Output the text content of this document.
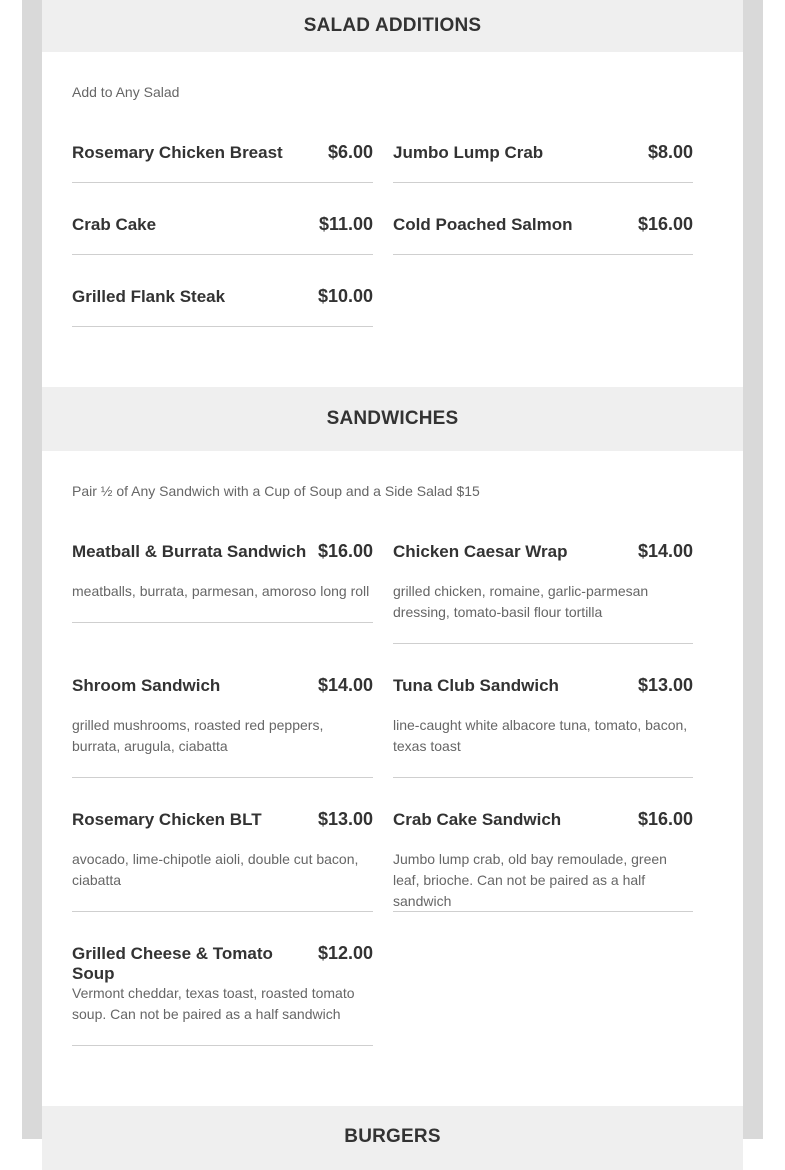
SALAD ADDITIONS
Add to Any Salad
Rosemary Chicken Breast	$6.00 Jumbo Lump Crab	$8.00
Crab Cake	$11.00 Cold Poached Salmon	$16.00
Grilled Flank Steak	$10.00
SANDWICHES
Pair ½ of Any Sandwich with a Cup of Soup and a Side Salad $15
Meatball & Burrata Sandwich $16.00
meatballs, burrata, parmesan, amoroso long roll
Chicken Caesar Wrap	$14.00
grilled chicken, romaine, garlic-parmesan dressing, tomato-basil flour tortilla
Shroom Sandwich	$14.00
grilled mushrooms, roasted red peppers, burrata, arugula, ciabatta
Tuna Club Sandwich	$13.00
line-caught white albacore tuna, tomato, bacon, texas toast
Rosemary Chicken BLT	$13.00
avocado, lime-chipotle aioli, double cut bacon, ciabatta
Crab Cake Sandwich	$16.00
Jumbo lump crab, old bay remoulade, green leaf, brioche. Can not be paired as a half sandwich
Grilled Cheese & Tomato Soup
$12.00
Vermont cheddar, texas toast, roasted tomato soup. Can not be paired as a half sandwich
BURGERS
